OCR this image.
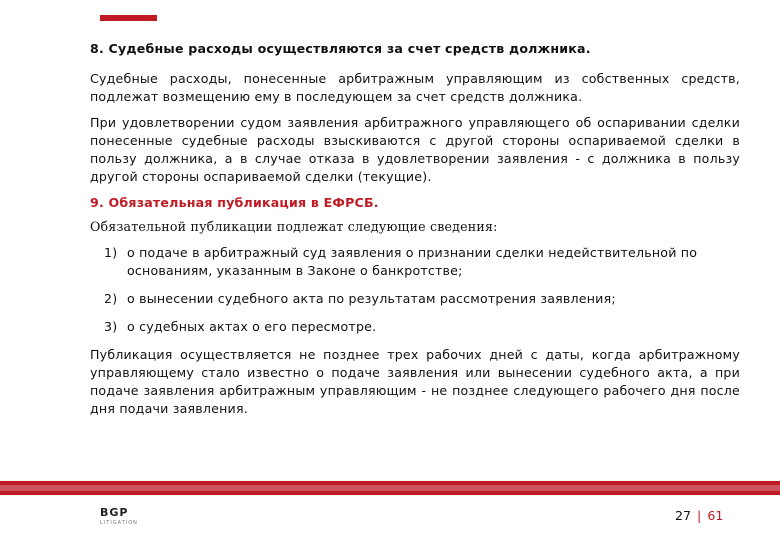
8. Судебные расходы осуществляются за счет средств должника.

Судебные расходы, понесенные арбитражным управляющим из собственных средств, подлежат возмещению ему в последующем за счет средств должника.

При удовлетворении судом заявления арбитражного управляющего об оспаривании сделки понесенные судебные расходы взыскиваются с другой стороны оспариваемой сделки в пользу должника, а в случае отказа в удовлетворении заявления - с должника в пользу другой стороны оспариваемой сделки (текущие).

9. Обязательная публикация в ЕФРСБ.

Обязательной публикации подлежат следующие сведения:

1) о подаче в арбитражный суд заявления о признании сделки недействительной по основаниям, указанным в Законе о банкротстве;
2) о вынесении судебного акта по результатам рассмотрения заявления;
3) о судебных актах о его пересмотре.

Публикация осуществляется не позднее трех рабочих дней с даты, когда арбитражному управляющему стало известно о подаче заявления или вынесении судебного акта, а при подаче заявления арбитражным управляющим - не позднее следующего рабочего дня после дня подачи заявления.

BGP
LITIGATION	27 | 61
